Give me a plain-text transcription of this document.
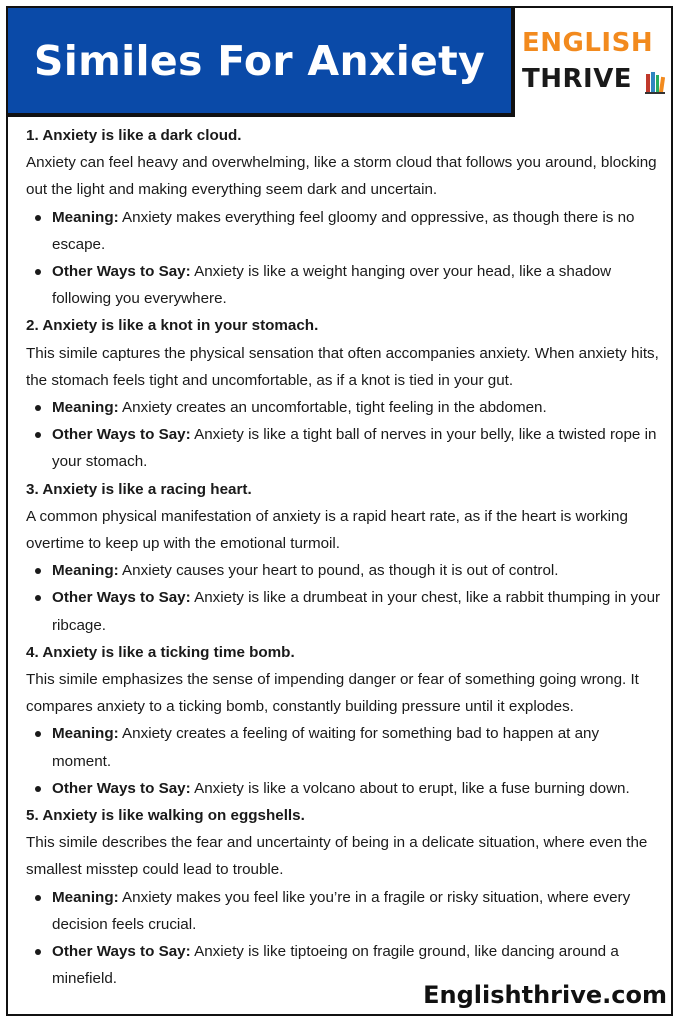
Similes For Anxiety ENGLISH
THRIVE

1. Anxiety is like a dark cloud.

Anxiety can feel heavy and overwhelming, like a storm cloud that follows you around, blocking out the light and making everything seem dark and uncertain.

Meaning: Anxiety makes everything feel gloomy and oppressive, as though there is no escape.
Other Ways to Say: Anxiety is like a weight hanging over your head, like a shadow following you everywhere.

2. Anxiety is like a knot in your stomach.

This simile captures the physical sensation that often accompanies anxiety. When anxiety hits, the stomach feels tight and uncomfortable, as if a knot is tied in your gut.

Meaning: Anxiety creates an uncomfortable, tight feeling in the abdomen.
Other Ways to Say: Anxiety is like a tight ball of nerves in your belly, like a twisted rope in your stomach.

3. Anxiety is like a racing heart.

A common physical manifestation of anxiety is a rapid heart rate, as if the heart is working overtime to keep up with the emotional turmoil.

Meaning: Anxiety causes your heart to pound, as though it is out of control.
Other Ways to Say: Anxiety is like a drumbeat in your chest, like a rabbit thumping in your ribcage.

4. Anxiety is like a ticking time bomb.

This simile emphasizes the sense of impending danger or fear of something going wrong. It compares anxiety to a ticking bomb, constantly building pressure until it explodes.

Meaning: Anxiety creates a feeling of waiting for something bad to happen at any moment.
Other Ways to Say: Anxiety is like a volcano about to erupt, like a fuse burning down.

5. Anxiety is like walking on eggshells.

This simile describes the fear and uncertainty of being in a delicate situation, where even the smallest misstep could lead to trouble.

Meaning: Anxiety makes you feel like you’re in a fragile or risky situation, where every decision feels crucial.
Other Ways to Say: Anxiety is like tiptoeing on fragile ground, like dancing around a minefield.
Englishthrive.com
